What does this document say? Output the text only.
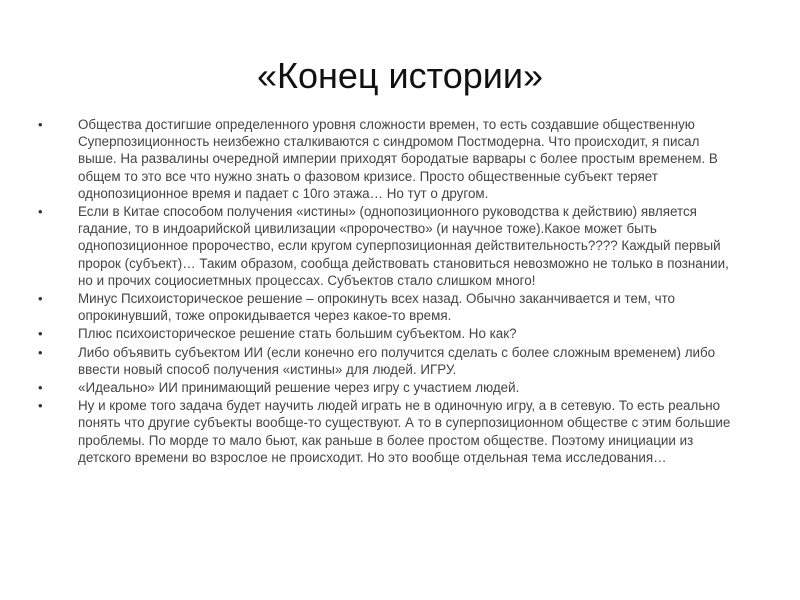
«Конец истории»
•	Общества достигшие определенного уровня сложности времен, то есть создавшие общественную Суперпозиционность неизбежно сталкиваются с синдромом Постмодерна. Что происходит, я писал выше. На развалины очередной империи приходят бородатые варвары с более простым временем. В общем то это все что нужно знать о фазовом кризисе. Просто общественные субъект теряет однопозиционное время и падает с 10го этажа… Но тут о другом.
•	Если в Китае способом получения «истины» (однопозиционного руководства к действию) является гадание, то в индоарийской цивилизации «пророчество» (и научное тоже).Какое может быть однопозиционное пророчество, если кругом суперпозиционная действительность???? Каждый первый пророк (субъект)… Таким образом, сообща действовать становиться невозможно не только в познании, но и прочих социосиетмных процессах. Субъектов стало слишком много!
•	Минус Психоисторическое решение – опрокинуть всех назад. Обычно заканчивается и тем, что опрокинувший, тоже опрокидывается через какое-то время.
•	Плюс психоисторическое решение стать большим субъектом. Но как?
•	Либо объявить субъектом ИИ (если конечно его получится сделать с более сложным временем) либо ввести новый способ получения «истины» для людей. ИГРУ.
•	«Идеально» ИИ принимающий решение через игру с участием людей.
•	Ну и кроме того задача будет научить людей играть не в одиночную игру, а в сетевую. То есть реально понять что другие субъекты вообще-то существуют. А то в суперпозиционном обществе с этим большие проблемы. По морде то мало бьют, как раньше в более простом обществе. Поэтому инициации из детского времени во взрослое не происходит. Но это вообще отдельная тема исследования…
